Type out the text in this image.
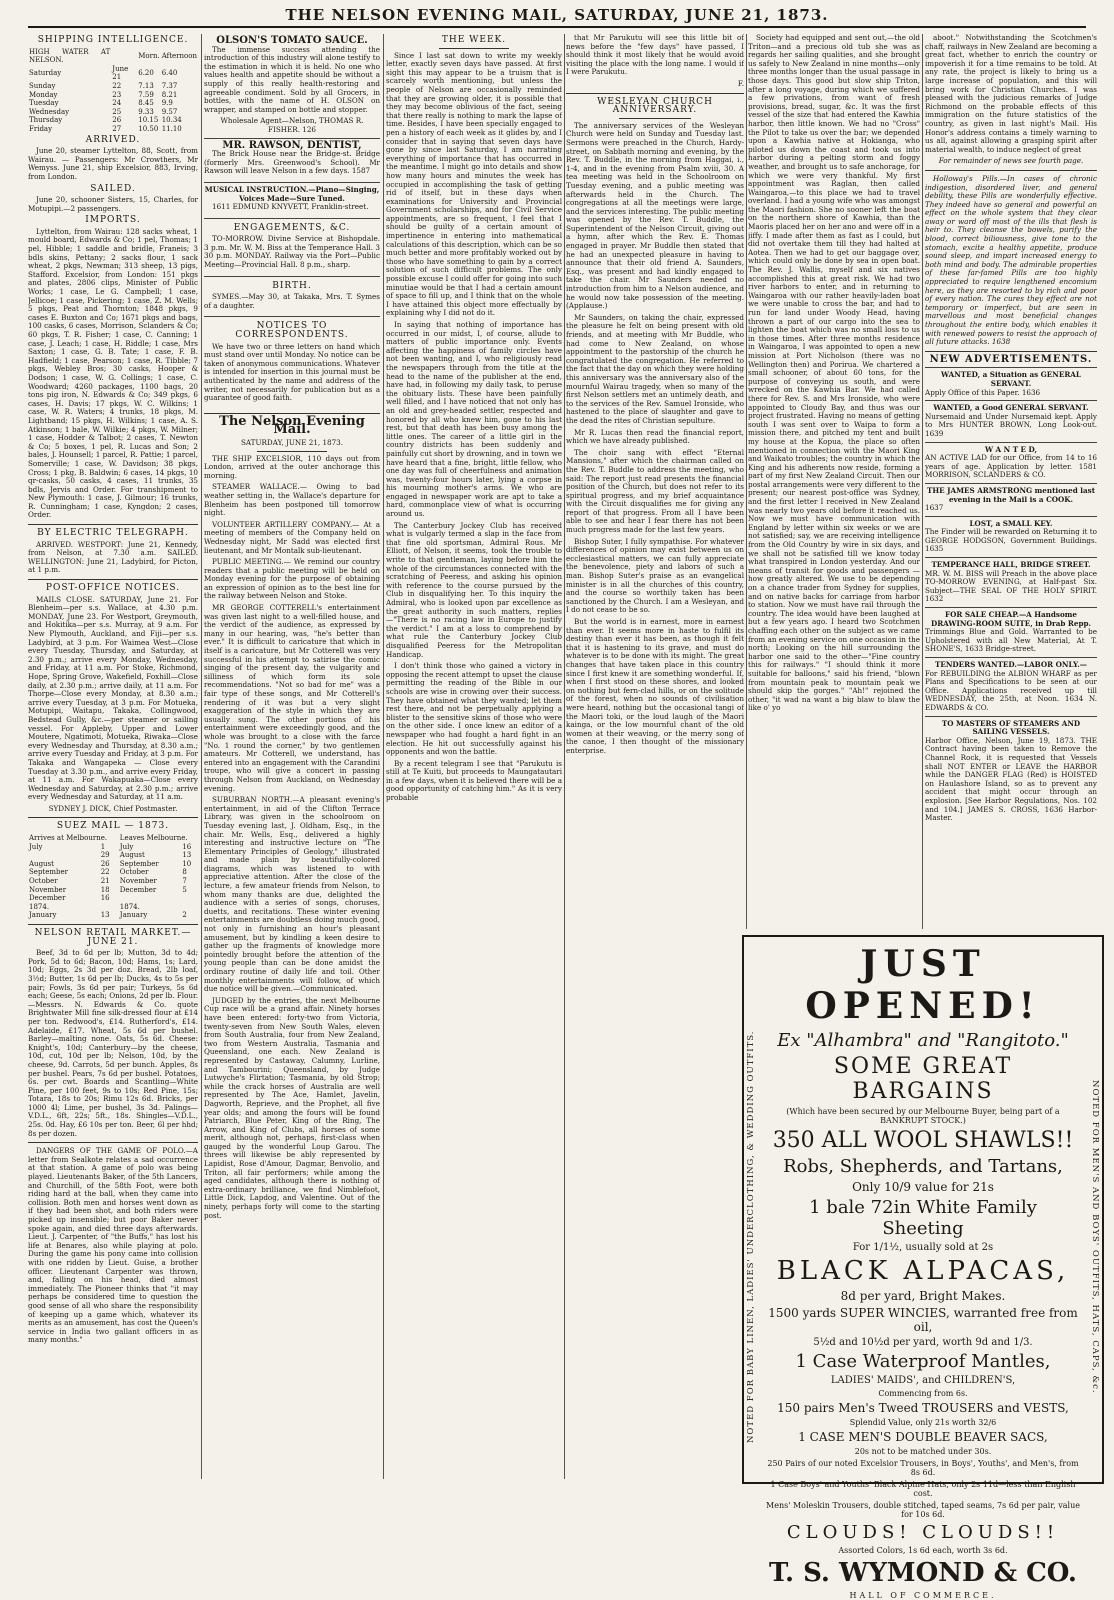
THE NELSON EVENING MAIL, SATURDAY, JUNE 21, 1873.
SHIPPING INTELLIGENCE.
HIGH WATER AT NELSON.		Morn.	Afternoon
Saturday	June 21	6.20	6.40
Sunday	22	7.13	7.37
Monday	23	7.59	8.21
Tuesday	24	8.45	9.9
Wednesday	25	9.33	9.57
Thursday	26	10.15	10.34
Friday	27	10.50	11.10
ARRIVED.

June 20, steamer Lyttelton, 88, Scott, from Wairau. — Passengers: Mr Crowthers, Mr Wemyss. June 21, ship Excelsior, 883, Irving, from London.

SAILED.

June 20, schooner Sisters, 15, Charles, for Motupipi.—2 passengers.

IMPORTS.

Lyttelton, from Wairau: 128 sacks wheat, 1 mould board, Edwards & Co; 1 pel, Thomas; 1 pel, Hibble; 1 saddle and bridle, Franeis; 3 bdls skins, Pettany; 2 sacks flour, 1 sack wheat, 2 pkgs, Newman; 313 sheep, 13 pigs, Stafford. Excelsior, from London: 151 pkgs and plates, 2806 clips, Minister of Public Works; 1 case, Le G. Campbell; 1 case, Jellicoe; 1 case, Pickering; 1 case, Z. M. Wells; 5 pkgs, Peat and Thornton; 1848 pkgs, 9 cases E. Buxton and Co; 1671 pkgs and bags, 100 casks, 6 cases, Morrison, Sclanders & Co; 60 pkgs, T. R. Fisher; 1 case, C. Canning; 1 case, J. Leach; 1 case, H. Riddle; 1 case, Mrs Saxton; 1 case, G. B. Tate; 1 case, F. B. Hadfield; 1 case, Pearson; 1 case, R. Tibble; 7 pkgs, Webley Bros; 30 casks, Hooper & Dodson; 1 case, W. G. Collings; 1 case, C. Woodward; 4260 packages, 1100 bags, 20 tons pig iron, N. Edwards & Co; 349 pkgs, 6 cases, H. Davis; 17 pkgs, W. C. Wilkins; 1 case, W. R. Waters; 4 trunks, 18 pkgs, M. Lightband; 15 pkgs, H. Wilkins; 1 case, A. S. Atkinson; 1 bale, W. Wilkie; 4 pkgs, W. Milner; 1 case, Hodder & Talbot; 2 cases, T. Newton & Co; 5 boxes, 1 pel, R. Lucas and Son; 2 bales, J. Hounsell; 1 parcel, R. Pattie; 1 parcel, Somerville; 1 case, W. Davidson; 38 pkgs, Cross; 1 pkg, B. Baldwin; 6 cases, 14 pkgs, 10 qr-casks, 50 casks, 4 cases, 11 trunks, 35 bdls, Jervis and Order. For transhipment to New Plymouth: 1 case, J. Gilmour; 16 trunks, R. Cunningham; 1 case, Kyngdon; 2 cases, Order.

BY ELECTRIC TELEGRAPH.

ARRIVED. WESTPORT: June 21, Kennedy, from Nelson, at 7.30 a.m. SAILED. WELLINGTON: June 21, Ladybird, for Picton, at 1 p.m.

POST-OFFICE NOTICES.

MAILS CLOSE. SATURDAY, June 21. For Blenheim—per s.s. Wallace, at 4.30 p.m. MONDAY, June 23. For Westport, Greymouth, and Hokitika—per s.s. Murray, at 9 a.m. For New Plymouth, Auckland, and Fiji—per s.s. Ladybird, at 3 p.m. For Waimea West—Close every Tuesday, Thursday, and Saturday, at 2.30 p.m.; arrive every Monday, Wednesday, and Friday, at 11 a.m. For Stoke, Richmond, Hope, Spring Grove, Wakefield, Foxhill—Close daily, at 2.30 p.m.; arrive daily, at 11 a.m. For Thorpe—Close every Monday, at 8.30 a.m.; arrive every Tuesday, at 3 p.m. For Motueka, Motupipi, Waitapu, Takaka, Collingwood, Bedstead Gully, &c.—per steamer or sailing vessel. For Appleby, Upper and Lower Moutere, Ngatimoti, Motueka, Riwaka—Close every Wednesday and Thursday, at 8.30 a.m.; arrive every Tuesday and Friday, at 3 p.m. For Takaka and Wangapeka — Close every Tuesday at 3.30 p.m., and arrive every Friday, at 11 a.m. For Wakapuaka—Close every Wednesday and Saturday, at 2.30 p.m.; arrive every Wednesday and Saturday, at 11 a.m.

SYDNEY J. DICK, Chief Postmaster.
SUEZ MAIL — 1873.
Arrives at Melbourne.		Leaves Melbourne.	
July	1	July	16
	29	August	13
August	26	September	10
September	22	October	8
October	21	November	7
November	18	December	5
December	16		
1874.		1874.	
January	13	January	2
NELSON RETAIL MARKET.—JUNE 21.

Beef, 3d to 6d per lb; Mutton, 3d to 4d; Pork, 5d to 6d; Bacon, 10d; Hams, 1s; Lard, 10d; Eggs, 2s 3d per doz. Bread, 2lb loaf, 3½d; Butter, 1s 6d per lb; Ducks, 4s to 5s per pair; Fowls, 3s 6d per pair; Turkeys, 5s 6d each; Geese, 5s each; Onions, 2d per lb. Flour.—Messrs. N. Edwards & Co. quote Brightwater Mill fine silk-dressed flour at £14 per ton. Redwood's, £14. Rutherford's, £14. Adelaide, £17. Wheat, 5s 6d per bushel. Barley—malting none. Oats, 5s 6d. Cheese: Knight's, 10d; Canterbury—by the cheese, 10d, cut, 10d per lb; Nelson, 10d, by the cheese, 9d. Carrots, 5d per bunch. Apples, 8s per bushel. Pears, 7s 6d per bushel. Potatoes, 6s. per cwt. Boards and Scantling—White Pine, per 100 feet, 9s to 10s; Red Pine, 15s; Totara, 18s to 20s; Rimu 12s 6d. Bricks, per 1000 4l; Lime, per bushel, 3s 3d. Palings—V.D.L., 6ft, 22s; 5ft., 18s. Shingles—V.D.L., 25s. 0d. Hay, £6 10s per ton. Beer, 6l per hhd; 8s per dozen.

DANGERS OF THE GAME OF POLO.—A letter from Sealkote relates a sad occurrence at that station. A game of polo was being played. Lieutenants Baker, of the 5th Lancers, and Churchill, of the 58th Foot, were both riding hard at the ball, when they came into collision. Both men and horses went down as if they had been shot, and both riders were picked up insensible; but poor Baker never spoke again, and died three days afterwards. Lieut. J. Carpenter, of "the Buffs," has lost his life at Benares, also while playing at polo. During the game his pony came into collision with one ridden by Lieut. Guise, a brother officer. Lieutenant Carpenter was thrown, and, falling on his head, died almost immediately. The Pioneer thinks that "it may perhaps be considered time to question the good sense of all who share the responsibility of keeping up a game which, whatever its merits as an amusement, has cost the Queen's service in India two gallant officers in as many months."

OLSON'S TOMATO SAUCE.

The immense success attending the introduction of this industry will alone testify to the estimation in which it is held. No one who values health and appetite should be without a supply of this really health-restoring and agreeable condiment. Sold by all Grocers, in bottles, with the name of H. OLSON on wrapper, and stamped on bottle and stopper.

Wholesale Agent—Nelson, THOMAS R. FISHER. 126
MR. RAWSON, DENTIST,

The Brick House near the Bridge-st. Bridge (formerly Mrs. Greenwood's School). Mr Rawson will leave Nelson in a few days. 1587

MUSICAL INSTRUCTION.—Piano—Singing, Voices Made—Sure Tuned.

1611 EDMUND KNYVETT, Franklin-street.

ENGAGEMENTS, &C.

TO-MORROW. Divine Service at Bishopdale. 3 p.m. Mr. W. M. Biss at the Temperance Hall. 3 30 p.m. MONDAY. Railway via the Port—Public Meeting—Provincial Hall. 8 p.m., sharp.

BIRTH.

SYMES.—May 30, at Takaka, Mrs. T. Symes of a daughter.

NOTICES TO CORRESPONDENTS.

We have two or three letters on hand which must stand over until Monday. No notice can be taken of anonymous communications. Whatever is intended for insertion in this journal must be authenticated by the name and address of the writer, not necessarily for publication but as a guarantee of good faith.

The Nelson Evening Mail.
SATURDAY, JUNE 21, 1873.

THE SHIP EXCELSIOR, 110 days out from London, arrived at the outer anchorage this morning.

STEAMER WALLACE.— Owing to bad weather setting in, the Wallace's departure for Blenheim has been postponed till tomorrow night.

VOLUNTEER ARTILLERY COMPANY.— At a meeting of members of the Company held on Wednesday night, Mr Sadd was elected first lieutenant, and Mr Montalk sub-lieutenant.

PUBLIC MEETING.— We remind our country readers that a public meeting will be held on Monday evening for the purpose of obtaining an expression of opinion as to the best line for the railway between Nelson and Stoke.

MR GEORGE COTTERELL's entertainment was given last night to a well-filled house, and the verdict of the audience, as expressed by many in our hearing, was, "he's better than ever." It is difficult to caricature that which in itself is a caricature, but Mr Cotterell was very successful in his attempt to satirise the comic singing of the present day, the vulgarity and silliness of which form its sole recommendations. "Not so bad for me" was a fair type of these songs, and Mr Cotterell's rendering of it was but a very slight exaggeration of the style in which they are usually sung. The other portions of his entertainment were exceedingly good, and the whole was brought to a close with the farce "No. 1 round the corner," by two gentlemen amateurs. Mr Cotterell, we understand, has entered into an engagement with the Carandini troupe, who will give a concert in passing through Nelson from Auckland, on Wednesday evening.

SUBURBAN NORTH.—A pleasant evening's entertainment, in aid of the Clifton Terrace Library, was given in the schoolroom on Tuesday evening last, J. Oldham, Esq., in the chair. Mr. Wells, Esq., delivered a highly interesting and instructive lecture on "The Elementary Principles of Geology," illustrated and made plain by beautifully-colored diagrams, which was listened to with appreciative attention. After the close of the lecture, a few amateur friends from Nelson, to whom many thanks are due, delighted the audience with a series of songs, choruses, duetts, and recitations. These winter evening entertainments are doubtless doing much good, not only in furnishing an hour's pleasant amusement, but by kindling a keen desire to gather up the fragments of knowledge more pointedly brought before the attention of the young people than can be done amidst the ordinary routine of daily life and toil. Other monthly entertainments will follow, of which due notice will be given.—Communicated.

JUDGED by the entries, the next Melbourne Cup race will be a grand affair. Ninety horses have been entered: forty-two from Victoria, twenty-seven from New South Wales, eleven from South Australia, four from New Zealand, two from Western Australia, Tasmania and Queensland, one each. New Zealand is represented by Castaway, Calumny, Lurline, and Tambourini; Queensland, by Judge Lutwyche's Flirtation; Tasmania, by old Strop; while the crack horses of Australia are well represented by The Ace, Hamlet, Javelin, Dagworth, Reprieve, and the Prophet, all five year olds; and among the fours will be found Patriarch, Blue Peter, King of the Ring, The Arrow, and King of Clubs, all horses of some merit, although not, perhaps, first-class when gauged by the wonderful Loup Garou. The threes will likewise be ably represented by Lapidist, Rose d'Amour, Dagmar, Benvolio, and Triton, all fair performers; while among the aged candidates, although there is nothing of extra-ordinary brilliance, we find Nimblefoot, Little Dick, Lapdog, and Valentine. Out of the ninety, perhaps forty will come to the starting post.

THE WEEK.

Since I last sat down to write my weekly letter, exactly seven days have passed. At first sight this may appear to be a truism that is scarcely worth mentioning, but unless the people of Nelson are occasionally reminded that they are growing older, it is possible that they may become oblivious of the fact, seeing that there really is nothing to mark the lapse of time. Besides, I have been specially engaged to pen a history of each week as it glides by, and I consider that in saying that seven days have gone by since last Saturday, I am narrating everything of importance that has occurred in the meantime. I might go into details and show how many hours and minutes the week has occupied in accomplishing the task of getting rid of itself, but in these days when examinations for University and Provincial Government scholarships, and for Civil Service appointments, are so frequent, I feel that I should be guilty of a certain amount of impertinence in entering into mathematical calculations of this description, which can be so much better and more profitably worked out by those who have something to gain by a correct solution of such difficult problems. The only possible excuse I could offer for going into such minutiae would be that I had a certain amount of space to fill up, and I think that on the whole I have attained this object more effectually by explaining why I did not do it.

In saying that nothing of importance has occurred in our midst, I, of course, allude to matters of public importance only. Events affecting the happiness of family circles have not been wanting, and I, who religiously read the newspapers through from the title at the head to the name of the publisher at the end, have had, in following my daily task, to peruse the obituary lists. These have been painfully well filled, and I have noticed that not only has an old and grey-headed settler, respected and honored by all who knew him, gone to his last rest, but that death has been busy among the little ones. The career of a little girl in the country districts has been suddenly and painfully cut short by drowning, and in town we have heard that a fine, bright, little fellow, who one day was full of cheerfulness and animation was, twenty-four hours later, lying a corpse in his mourning mother's arms. We who are engaged in newspaper work are apt to take a hard, commonplace view of what is occurring around us.

The Canterbury Jockey Club has received what is vulgarly termed a slap in the face from that fine old sportsman, Admiral Rous. Mr Elliott, of Nelson, it seems, took the trouble to write to that gentleman, laying before him the whole of the circumstances connected with the scratching of Peeress, and asking his opinion with reference to the course pursued by the Club in disqualifying her. To this inquiry the Admiral, who is looked upon par excellence as the great authority in such matters, replies—"There is no racing law in Europe to justify the verdict." I am at a loss to comprehend by what rule the Canterbury Jockey Club disqualified Peeress for the Metropolitan Handicap.

I don't think those who gained a victory in opposing the recent attempt to upset the clause permitting the reading of the Bible in our schools are wise in crowing over their success. They have obtained what they wanted; let them rest there, and not be perpetually applying a blister to the sensitive skins of those who were on the other side. I once knew an editor of a newspaper who had fought a hard fight in an election. He hit out successfully against his opponents and won the battle.

By a recent telegram I see that "Parukutu is still at Te Kuiti, but proceeds to Maungatautari in a few days, when it is believed there will be a good opportunity of catching him." As it is very probable

that Mr Parukutu will see this little bit of news before the "few days" have passed, I should think it most likely that he would avoid visiting the place with the long name. I would if I were Parukutu.

F.
WESLEYAN CHURCH ANNIVERSARY.

The anniversary services of the Wesleyan Church were held on Sunday and Tuesday last. Sermons were preached in the Church, Hardy-street, on Sabbath morning and evening, by the Rev. T. Buddle, in the morning from Haggai, i., 1-4, and in the evening from Psalm xviii, 30. A tea meeting was held in the Schoolroom on Tuesday evening, and a public meeting was afterwards held in the Church. The congregations at all the meetings were large, and the services interesting. The public meeting was opened by the Rev. T. Buddle, the Superintendent of the Nelson Circuit, giving out a hymn, after which the Rev. E. Thomas engaged in prayer. Mr Buddle then stated that he had an unexpected pleasure in having to announce that their old friend A. Saunders, Esq., was present and had kindly engaged to take the chair. Mr Saunders needed no introduction from him to a Nelson audience, and he would now take possession of the meeting. (Applause.)

Mr Saunders, on taking the chair, expressed the pleasure he felt on being present with old friends, and at meeting with Mr Buddle, who had come to New Zealand, on whose appointment to the pastorship of the church he congratulated the congregation. He referred to the fact that the day on which they were holding this anniversary was the anniversary also of the mournful Wairau tragedy, when so many of the first Nelson settlers met an untimely death, and to the services of the Rev. Samuel Ironside, who hastened to the place of slaughter and gave to the dead the rites of Christian sepulture.

Mr R. Lucas then read the financial report, which we have already published.

The choir sang with effect "Eternal Mansions," after which the chairman called on the Rev. T. Buddle to address the meeting, who said: The report just read presents the financial position of the Church, but does not refer to its spiritual progress, and my brief acquaintance with the Circuit disqualifies me for giving any report of that progress. From all I have been able to see and hear I fear there has not been much progress made for the last few years.

Bishop Suter, I fully sympathise. For whatever differences of opinion may exist between us on ecclesiastical matters, we can fully appreciate the benevolence, piety and labors of such a man. Bishop Suter's praise as an evangelical minister is in all the churches of this country, and the course so worthily taken has been sanctioned by the Church. I am a Wesleyan, and I do not cease to be so.

But the world is in earnest, more in earnest than ever. It seems more in haste to fulfil its destiny than ever it has been, as though it felt that it is hastening to its grave, and must do whatever is to be done with its might. The great changes that have taken place in this country since I first knew it are something wonderful. If, when I first stood on these shores, and looked on nothing but fern-clad hills, or on the solitude of the forest, when no sounds of civilisation were heard, nothing but the occasional tangi of the Maori toki, or the loud laugh of the Maori kainga, or the low mournful chant of the old women at their weaving, or the merry song of the canoe, I then thought of the missionary enterprise.

Society had equipped and sent out,—the old Triton—and a precious old tub she was as regards her sailing qualities, and she brought us safely to New Zealand in nine months—only three months longer than the usual passage in those days. This good but slow ship Triton, after a long voyage, during which we suffered a few privations, from want of fresh provisions, bread, sugar, &c. It was the first vessel of the size that had entered the Kawhia harbor, then little known. We had no "Cross" the Pilot to take us over the bar; we depended upon a Kawhia native at Hokianga, who piloted us down the coast and took us into harbor during a pelting storm and foggy weather, and brought us to safe anchorage, for which we were very thankful. My first appointment was Raglan, then called Waingaroa,—to this place we had to travel overland. I had a young wife who was amongst the Maori fashion. She no sooner left the boat on the northern shore of Kawhia, than the Maoris placed her on her ano and were off in a jiffy. I made after them as fast as I could, but did not overtake them till they had halted at Aotea. Then we had to get our baggage over, which could only be done by sea in open boat. The Rev. J. Wallis, myself and six natives accomplished this at great risk. We had two river harbors to enter, and in returning to Waingaroa with our rather heavily-laden boat we were unable to cross the bar, and had to run for land under Woody Head, having thrown a part of our cargo into the sea to lighten the boat which was no small loss to us in those times. After three months residence in Waingaroa, I was appointed to open a new mission at Port Nicholson (there was no Wellington then) and Porirua. We chartered a small schooner, of about 60 tons, for the purpose of conveying us south, and were wrecked on the Kawhia Bar. We had called there for Rev. S. and Mrs Ironside, who were appointed to Cloudy Bay, and thus was our project frustrated. Having no means of getting south I was sent over to Waipa to form a mission there, and pitched my tent and built my house at the Kopua, the place so often mentioned in connection with the Maori King and Waikato troubles; the country in which the King and his adherents now reside, forming a part of my first New Zealand Circuit. Then our postal arrangements were very different to the present; our nearest post-office was Sydney, and the first letter I received in New Zealand was nearly two years old before it reached us. Now we must have communication with England by letter within six weeks or we are not satisfied; say, we are receiving intelligence from the Old Country by wire in six days, and we shall not be satisfied till we know today what transpired in London yesterday. And our means of transit for goods and passengers — how greatly altered. We use to be depending on a chance trader from Sydney for supplies, and on native backs for carriage from harbor to station. Now we must have rail through the country. The idea would have been laughed at but a few years ago. I heard two Scotchmen chaffing each other on the subject as we came from an evening service on one occasion in the north; Looking on the hill surrounding the harbor one said to the other—"Fine country this for railways." "I should think it more suitable for balloons," said his friend, "blown from mountain peak to mountain peak we should skip the gorges." "Ah!" rejoined the other, "it wad na want a big blaw to blaw the like o' yo

aboot." Notwithstanding the Scotchmen's chaff, railways in New Zealand are becoming a great fact, whether to enrich the country or impoverish it for a time remains to be told. At any rate, the project is likely to bring us a large increase of population, and this will bring work for Christian Churches. I was pleased with the judicious remarks of Judge Richmond on the probable effects of this immigration on the future statistics of the country, as given in last night's Mail. His Honor's address contains a timely warning to us all, against allowing a grasping spirit after material wealth, to induce neglect of great

For remainder of news see fourth page.

Holloway's Pills.—In cases of chronic indigestion, disordered liver, and general debility, these Pills are wonderfully effective. They indeed have so general and powerful an effect on the whole system that they clear away or ward off most of the ills that flesh is heir to. They cleanse the bowels, purify the blood, correct biliousness, give tone to the stomach, excite a healthy appetite, produce sound sleep, and impart increased energy to both mind and body. The admirable properties of these far-famed Pills are too highly appreciated to require lengthened encomium here, as they are resorted to by rich and poor of every nation. The cures they effect are not temporary or imperfect, but are seen in marvellous and most beneficial changes throughout the entire body, which enables it with renewed powers to resist the approach of all future attacks. 1638

NEW ADVERTISEMENTS.
WANTED, a Situation as GENERAL SERVANT.
Apply Office of this Paper. 1636
WANTED, a Good GENERAL SERVANT.
Nursemaid and Under Nursemaid kept. Apply to Mrs HUNTER BROWN, Long Look-out. 1639
W A N T E D,
AN ACTIVE LAD for our Office, from 14 to 16 years of age. Application by letter. 1581 MORRISON, SCLANDERS & CO.
THE JAMES ARMSTRONG mentioned last evening in the Mail is a COOK.
1637
LOST, a SMALL KEY.
The Finder will be rewarded on Returning it to GEORGE HODGSON, Government Buildings. 1635
TEMPERANCE HALL, BRIDGE STREET.
MR. W. M. BISS will Preach in the above place TO-MORROW EVENING, at Half-past Six. Subject—THE SEAL OF THE HOLY SPIRIT. 1632
FOR SALE CHEAP.—A Handsome DRAWING-ROOM SUITE, in Drab Repp.
Trimmings Blue and Gold. Warranted to be Upholstered with all New Material, At T. SHONE'S, 1633 Bridge-street.
TENDERS WANTED.—LABOR ONLY.—
For REBUILDING the ALBION WHARF as per Plans and Specifications to be seen at our Office. Applications received up till WEDNESDAY, the 25th, at Noon. 1634 N. EDWARDS & CO.
TO MASTERS OF STEAMERS AND SAILING VESSELS.
Harbor Office, Nelson, June 19, 1873. THE Contract having been taken to Remove the Channel Rock, it is requested that Vessels shall NOT ENTER or LEAVE the HARBOR while the DANGER FLAG (Red) is HOISTED on Haulashore Island, so as to prevent any accident that might occur through an explosion. [See Harbor Regulations, Nos. 102 and 104.] JAMES S. CROSS, 1636 Harbor-Master.
NOTED FOR BABY LINEN, LADIES' UNDERCLOTHING, & WEDDING OUTFITS.	NOTED FOR MEN'S AND BOYS' OUTFITS, HATS, CAPS, &c.
JUST OPENED!
Ex "Alhambra" and "Rangitoto."
SOME GREAT BARGAINS
(Which have been secured by our Melbourne Buyer, being part of a BANKRUPT STOCK.)
350 ALL WOOL SHAWLS!!
Robs, Shepherds, and Tartans,
Only 10/9 value for 21s
1 bale 72in White Family Sheeting
For 1/1½, usually sold at 2s
BLACK ALPACAS,
8d per yard, Bright Makes.
1500 yards SUPER WINCIES, warranted free from oil,
5½d and 10½d per yard, worth 9d and 1/3.
1 Case Waterproof Mantles,
LADIES' MAIDS', and CHILDREN'S,
Commencing from 6s.
150 pairs Men's Tweed TROUSERS and VESTS,
Splendid Value, only 21s worth 32/6
1 CASE MEN'S DOUBLE BEAVER SACS,
20s not to be matched under 30s.
250 Pairs of our noted Excelsior Trousers, in Boys', Youths', and Men's, from 8s 6d.
1 Case Boys' and Youths' Black Alpine Hats, only 2s 11d—less than English cost.
Mens' Moleskin Trousers, double stitched, taped seams, 7s 6d per pair, value for 10s 6d.
CLOUDS! CLOUDS!!
Assorted Colors, 1s 6d each, worth 3s 6d.
T. S. WYMOND & CO.
HALL OF COMMERCE.
